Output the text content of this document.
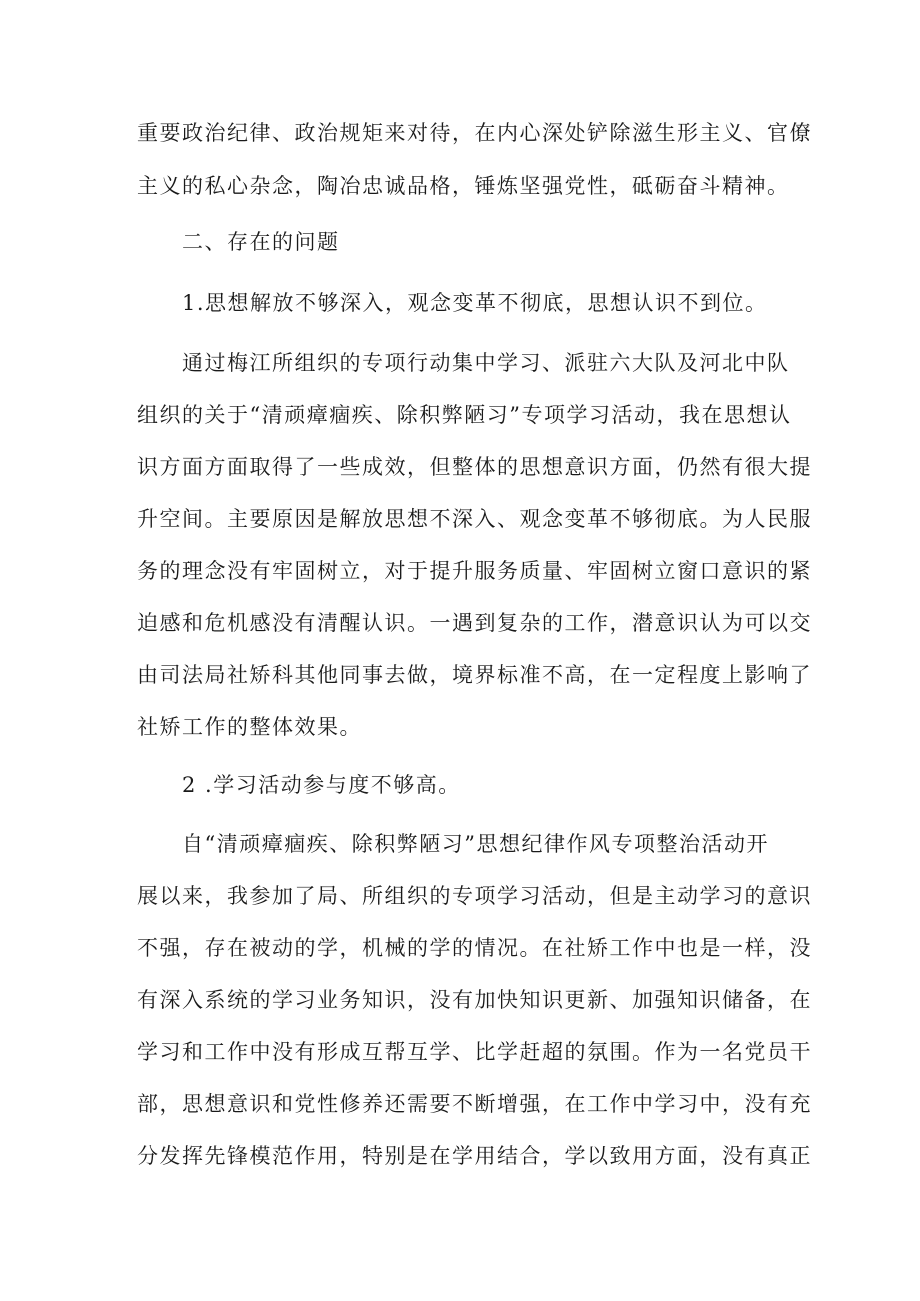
重要政治纪律、政治规矩来对待，在内心深处铲除滋生形主义、官僚
主义的私心杂念，陶冶忠诚品格，锤炼坚强党性，砥砺奋斗精神。
二、存在的问题
1.思想解放不够深入，观念变革不彻底，思想认识不到位。
通过梅江所组织的专项行动集中学习、派驻六大队及河北中队
组织的关于“清顽瘴痼疾、除积弊陋习”专项学习活动，我在思想认
识方面方面取得了一些成效，但整体的思想意识方面，仍然有很大提
升空间。主要原因是解放思想不深入、观念变革不够彻底。为人民服
务的理念没有牢固树立，对于提升服务质量、牢固树立窗口意识的紧
迫感和危机感没有清醒认识。一遇到复杂的工作，潜意识认为可以交
由司法局社矫科其他同事去做，境界标准不高，在一定程度上影响了
社矫工作的整体效果。
2 .学习活动参与度不够高。
自“清顽瘴痼疾、除积弊陋习”思想纪律作风专项整治活动开
展以来，我参加了局、所组织的专项学习活动，但是主动学习的意识
不强，存在被动的学，机械的学的情况。在社矫工作中也是一样，没
有深入系统的学习业务知识，没有加快知识更新、加强知识储备，在
学习和工作中没有形成互帮互学、比学赶超的氛围。作为一名党员干
部，思想意识和党性修养还需要不断增强，在工作中学习中，没有充
分发挥先锋模范作用，特别是在学用结合，学以致用方面，没有真正
